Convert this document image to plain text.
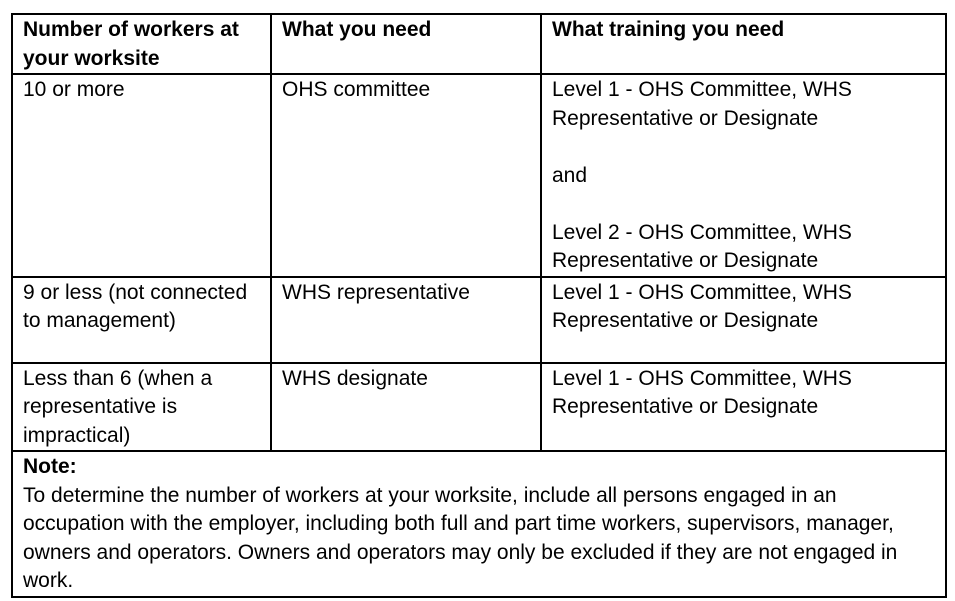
Number of workers at your worksite	What you need	What training you need
10 or more	OHS committee	Level 1 - OHS Committee, WHS Representative or Designate
and
Level 2 - OHS Committee, WHS Representative or Designate

9 or less (not connected to management)	WHS representative	Level 1 - OHS Committee, WHS Representative or Designate

Less than 6 (when a representative is impractical)	WHS designate	Level 1 - OHS Committee, WHS Representative or Designate

Note:
To determine the number of workers at your worksite, include all persons engaged in an occupation with the employer, including both full and part time workers, supervisors, manager, owners and operators. Owners and operators may only be excluded if they are not engaged in work.		
